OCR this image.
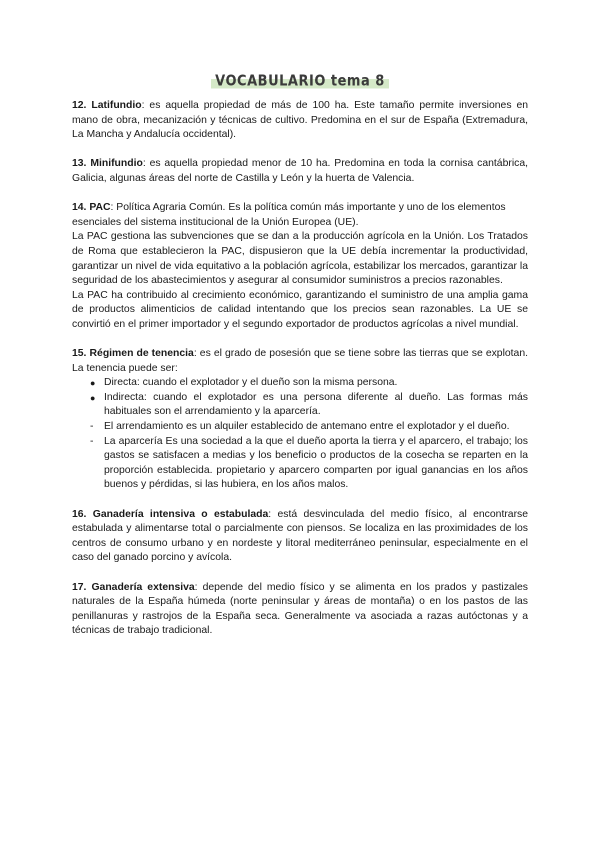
VOCABULARIO tema 8

12. Latifundio: es aquella propiedad de más de 100 ha. Este tamaño permite inversiones en mano de obra, mecanización y técnicas de cultivo. Predomina en el sur de España (Extremadura, La Mancha y Andalucía occidental).

13. Minifundio: es aquella propiedad menor de 10 ha. Predomina en toda la cornisa cantábrica, Galicia, algunas áreas del norte de Castilla y León y la huerta de Valencia.

14. PAC: Política Agraria Común. Es la política común más importante y uno de los elementos esenciales del sistema institucional de la Unión Europea (UE).

La PAC gestiona las subvenciones que se dan a la producción agrícola en la Unión. Los Tratados de Roma que establecieron la PAC, dispusieron que la UE debía incrementar la productividad, garantizar un nivel de vida equitativo a la población agrícola, estabilizar los mercados, garantizar la seguridad de los abastecimientos y asegurar al consumidor suministros a precios razonables.

La PAC ha contribuido al crecimiento económico, garantizando el suministro de una amplia gama de productos alimenticios de calidad intentando que los precios sean razonables. La UE se convirtió en el primer importador y el segundo exportador de productos agrícolas a nivel mundial.

15. Régimen de tenencia: es el grado de posesión que se tiene sobre las tierras que se explotan. La tenencia puede ser:

● Directa: cuando el explotador y el dueño son la misma persona.
● Indirecta: cuando el explotador es una persona diferente al dueño. Las formas más habituales son el arrendamiento y la aparcería.
- El arrendamiento es un alquiler establecido de antemano entre el explotador y el dueño.
- La aparcería Es una sociedad a la que el dueño aporta la tierra y el aparcero, el trabajo; los gastos se satisfacen a medias y los beneficio o productos de la cosecha se reparten en la proporción establecida. propietario y aparcero comparten por igual ganancias en los años buenos y pérdidas, si las hubiera, en los años malos.

16. Ganadería intensiva o estabulada: está desvinculada del medio físico, al encontrarse estabulada y alimentarse total o parcialmente con piensos. Se localiza en las proximidades de los centros de consumo urbano y en nordeste y litoral mediterráneo peninsular, especialmente en el caso del ganado porcino y avícola.

17. Ganadería extensiva: depende del medio físico y se alimenta en los prados y pastizales naturales de la España húmeda (norte peninsular y áreas de montaña) o en los pastos de las penillanuras y rastrojos de la España seca. Generalmente va asociada a razas autóctonas y a técnicas de trabajo tradicional.
